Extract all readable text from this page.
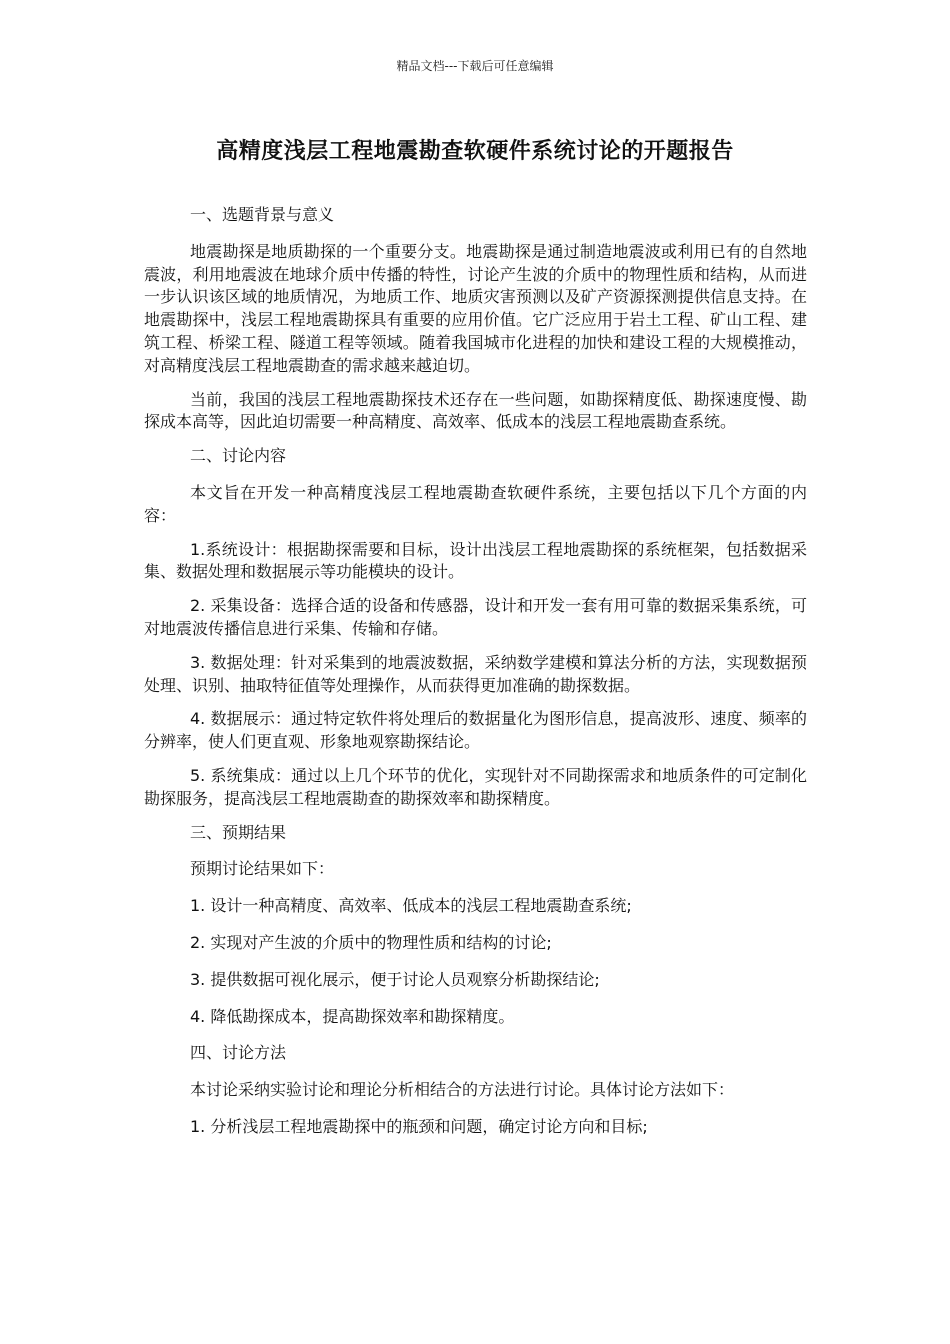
精品文档---下载后可任意编辑
高精度浅层工程地震勘查软硬件系统讨论的开题报告

一、选题背景与意义

地震勘探是地质勘探的一个重要分支。地震勘探是通过制造地震波或利用已有的自然地震波，利用地震波在地球介质中传播的特性，讨论产生波的介质中的物理性质和结构，从而进一步认识该区域的地质情况，为地质工作、地质灾害预测以及矿产资源探测提供信息支持。在地震勘探中，浅层工程地震勘探具有重要的应用价值。它广泛应用于岩土工程、矿山工程、建筑工程、桥梁工程、隧道工程等领域。随着我国城市化进程的加快和建设工程的大规模推动，对高精度浅层工程地震勘查的需求越来越迫切。

当前，我国的浅层工程地震勘探技术还存在一些问题，如勘探精度低、勘探速度慢、勘探成本高等，因此迫切需要一种高精度、高效率、低成本的浅层工程地震勘查系统。

二、讨论内容

本文旨在开发一种高精度浅层工程地震勘查软硬件系统，主要包括以下几个方面的内容：

1.系统设计：根据勘探需要和目标，设计出浅层工程地震勘探的系统框架，包括数据采集、数据处理和数据展示等功能模块的设计。

2. 采集设备：选择合适的设备和传感器，设计和开发一套有用可靠的数据采集系统，可对地震波传播信息进行采集、传输和存储。

3. 数据处理：针对采集到的地震波数据，采纳数学建模和算法分析的方法，实现数据预处理、识别、抽取特征值等处理操作，从而获得更加准确的勘探数据。

4. 数据展示：通过特定软件将处理后的数据量化为图形信息，提高波形、速度、频率的分辨率，使人们更直观、形象地观察勘探结论。

5. 系统集成：通过以上几个环节的优化，实现针对不同勘探需求和地质条件的可定制化勘探服务，提高浅层工程地震勘查的勘探效率和勘探精度。

三、预期结果

预期讨论结果如下：

1. 设计一种高精度、高效率、低成本的浅层工程地震勘查系统;

2. 实现对产生波的介质中的物理性质和结构的讨论;

3. 提供数据可视化展示，便于讨论人员观察分析勘探结论;

4. 降低勘探成本，提高勘探效率和勘探精度。

四、讨论方法

本讨论采纳实验讨论和理论分析相结合的方法进行讨论。具体讨论方法如下：

1. 分析浅层工程地震勘探中的瓶颈和问题，确定讨论方向和目标;
